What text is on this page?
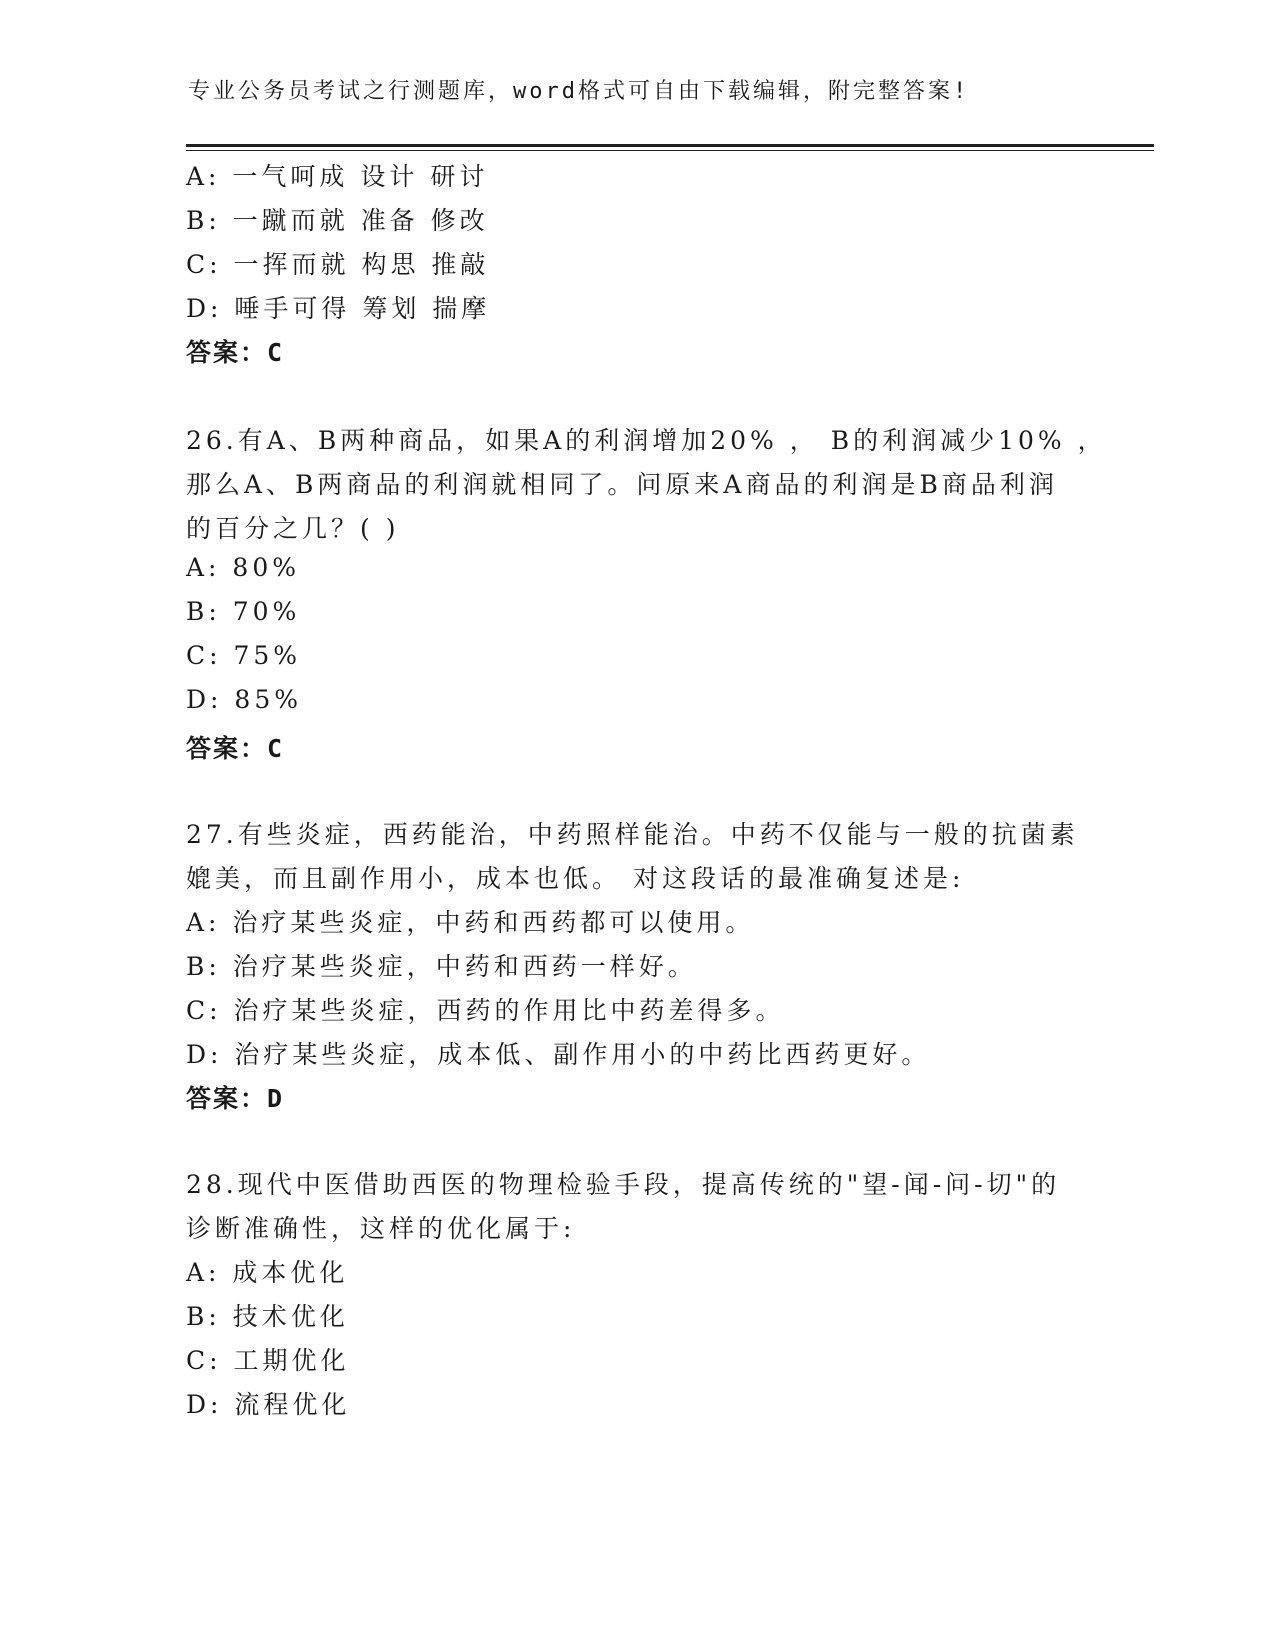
专业公务员考试之行测题库，word格式可自由下载编辑，附完整答案!
A: 一气呵成 设计 研讨
B: 一蹴而就 准备 修改
C: 一挥而就 构思 推敲
D: 唾手可得 筹划 揣摩
答案：C
26.有A、B两种商品，如果A的利润增加20% ， B的利润减少10% ，
那么A、B两商品的利润就相同了。问原来A商品的利润是B商品利润
的百分之几？( )
A: 80%
B: 70%
C: 75%
D: 85%
答案：C
27.有些炎症，西药能治，中药照样能治。中药不仅能与一般的抗菌素
媲美，而且副作用小，成本也低。 对这段话的最准确复述是:
A: 治疗某些炎症，中药和西药都可以使用。
B: 治疗某些炎症，中药和西药一样好。
C: 治疗某些炎症，西药的作用比中药差得多。
D: 治疗某些炎症，成本低、副作用小的中药比西药更好。
答案：D
28.现代中医借助西医的物理检验手段，提高传统的"望-闻-问-切"的
诊断准确性，这样的优化属于:
A: 成本优化
B: 技术优化
C: 工期优化
D: 流程优化
